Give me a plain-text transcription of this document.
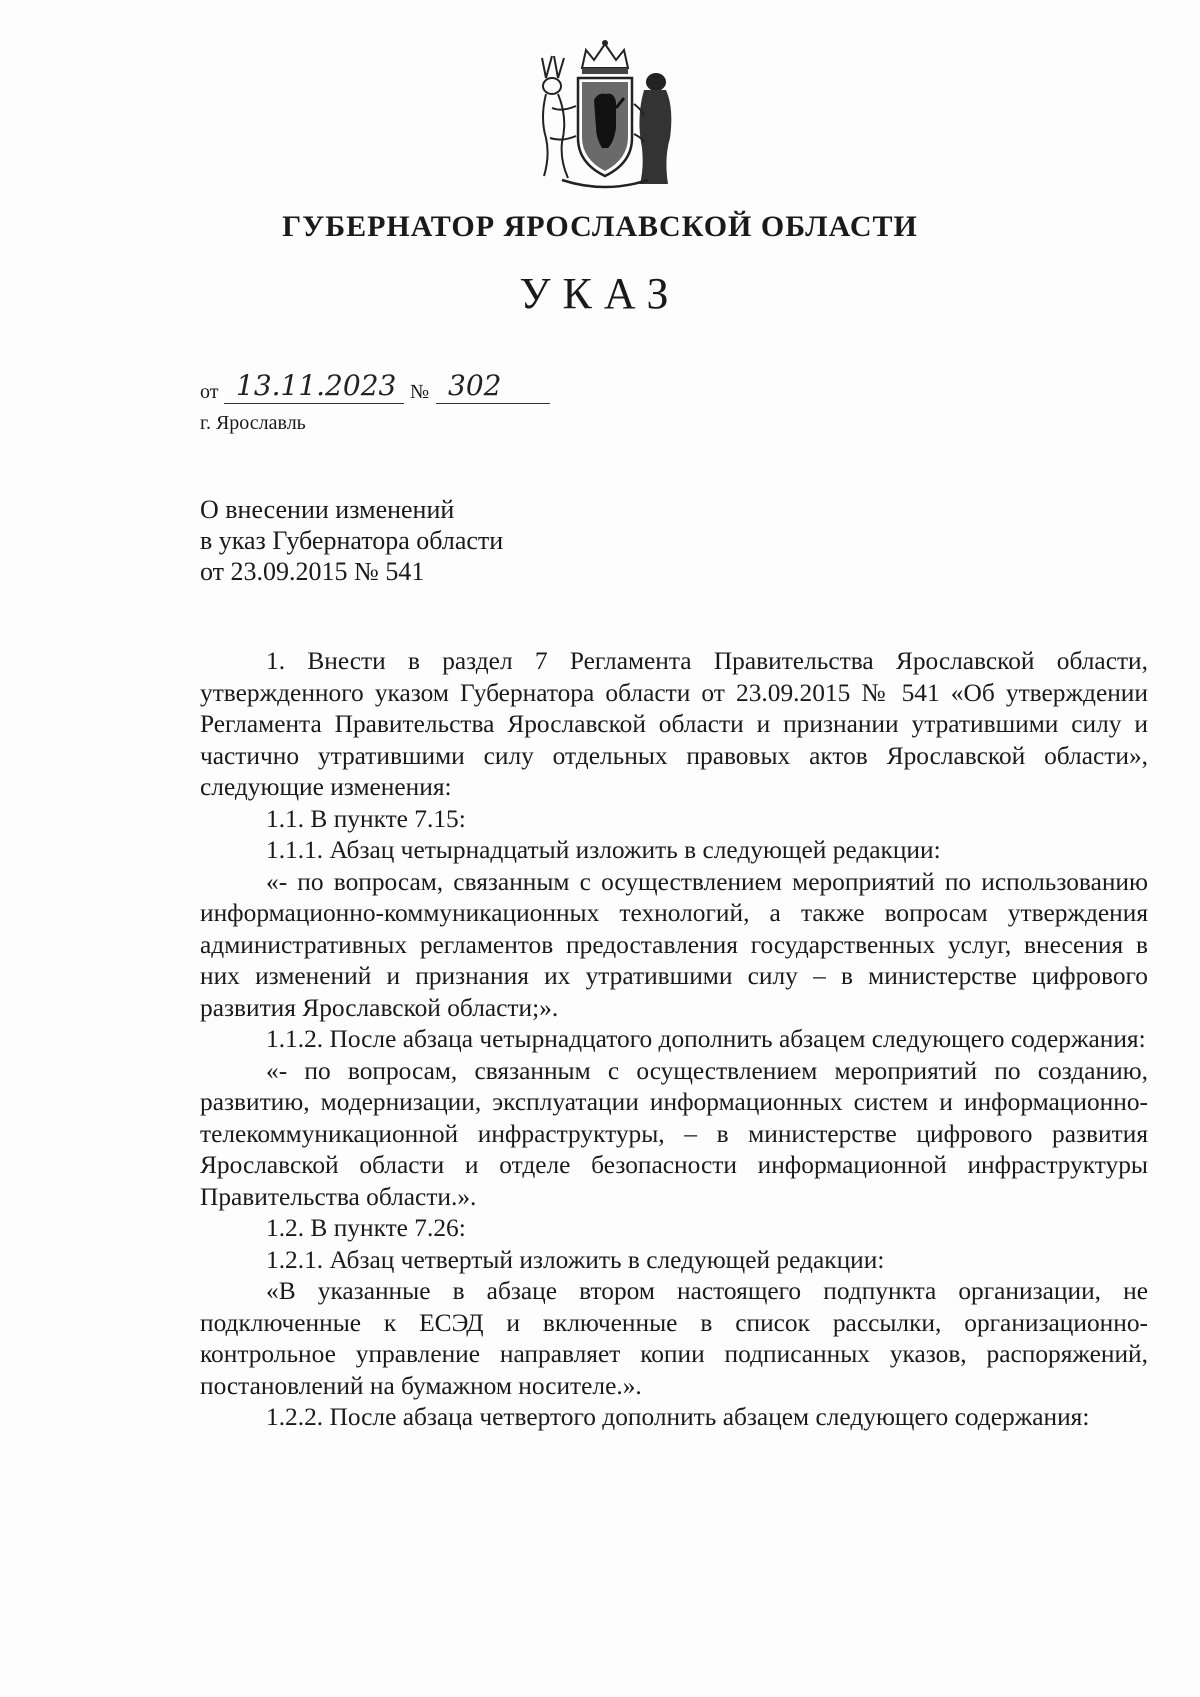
ГУБЕРНАТОР ЯРОСЛАВСКОЙ ОБЛАСТИ

УКАЗ

от 13.11.2023 № 302
г. Ярославль
О внесении изменений
в указ Губернатора области
от 23.09.2015 № 541

1. Внести в раздел 7 Регламента Правительства Ярославской области, утвержденного указом Губернатора области от 23.09.2015 № 541 «Об утверждении Регламента Правительства Ярославской области и признании утратившими силу и частично утратившими силу отдельных правовых актов Ярославской области», следующие изменения:

1.1. В пункте 7.15:

1.1.1. Абзац четырнадцатый изложить в следующей редакции:

«- по вопросам, связанным с осуществлением мероприятий по использованию информационно-коммуникационных технологий, а также вопросам утверждения административных регламентов предоставления государственных услуг, внесения в них изменений и признания их утратившими силу – в министерстве цифрового развития Ярославской области;».

1.1.2. После абзаца четырнадцатого дополнить абзацем следующего содержания:

«- по вопросам, связанным с осуществлением мероприятий по созданию, развитию, модернизации, эксплуатации информационных систем и информационно-телекоммуникационной инфраструктуры, – в министерстве цифрового развития Ярославской области и отделе безопасности информационной инфраструктуры Правительства области.».

1.2. В пункте 7.26:

1.2.1. Абзац четвертый изложить в следующей редакции:

«В указанные в абзаце втором настоящего подпункта организации, не подключенные к ЕСЭД и включенные в список рассылки, организационно-контрольное управление направляет копии подписанных указов, распоряжений, постановлений на бумажном носителе.».

1.2.2. После абзаца четвертого дополнить абзацем следующего содержания:
